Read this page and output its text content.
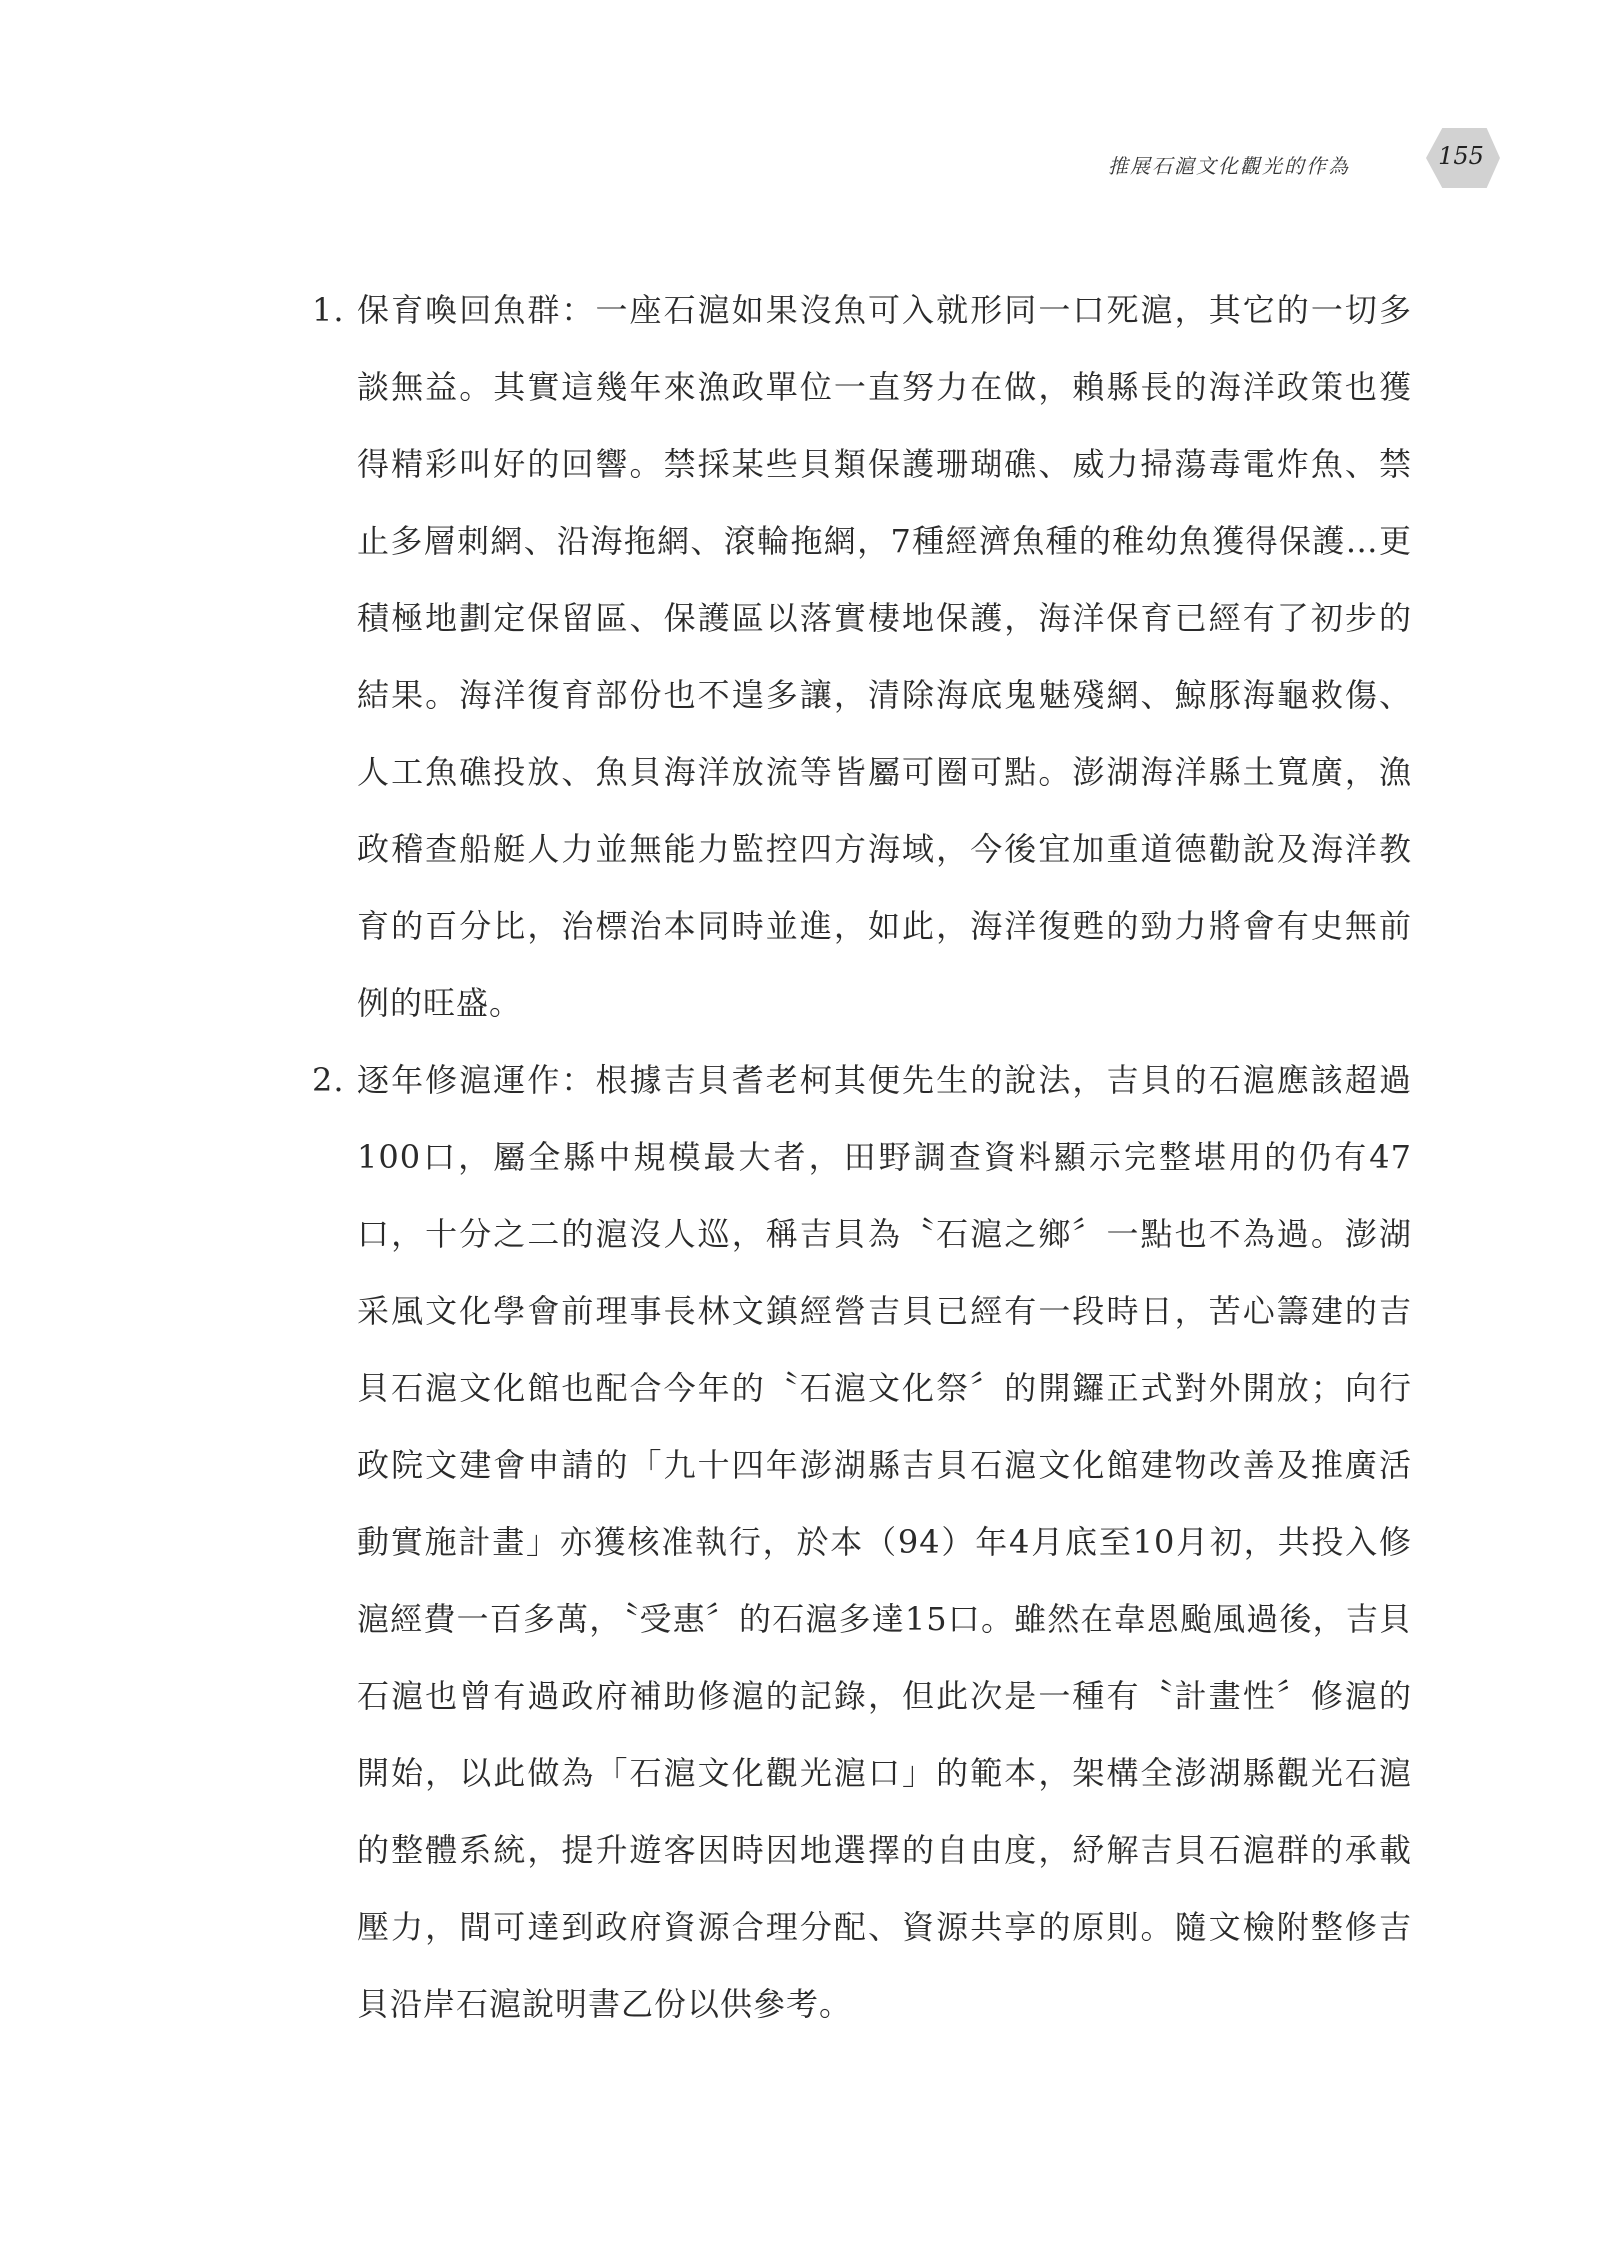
推展石滬文化觀光的作為	155
1. 保育喚回魚群：一座石滬如果沒魚可入就形同一口死滬，其它的一切多談無益。其實這幾年來漁政單位一直努力在做，賴縣長的海洋政策也獲得精彩叫好的回響。禁採某些貝類保護珊瑚礁、威力掃蕩毒電炸魚、禁止多層刺網、沿海拖網、滾輪拖網，7種經濟魚種的稚幼魚獲得保護…更積極地劃定保留區、保護區以落實棲地保護，海洋保育已經有了初步的結果。海洋復育部份也不遑多讓，清除海底鬼魅殘網、鯨豚海龜救傷、人工魚礁投放、魚貝海洋放流等皆屬可圈可點。澎湖海洋縣土寬廣，漁政稽查船艇人力並無能力監控四方海域，今後宜加重道德勸說及海洋教育的百分比，治標治本同時並進，如此，海洋復甦的勁力將會有史無前例的旺盛。
2. 逐年修滬運作：根據吉貝耆老柯其便先生的說法，吉貝的石滬應該超過100口，屬全縣中規模最大者，田野調查資料顯示完整堪用的仍有47口，十分之二的滬沒人巡，稱吉貝為〝石滬之鄉〞一點也不為過。澎湖采風文化學會前理事長林文鎮經營吉貝已經有一段時日，苦心籌建的吉貝石滬文化館也配合今年的〝石滬文化祭〞的開鑼正式對外開放；向行政院文建會申請的「九十四年澎湖縣吉貝石滬文化館建物改善及推廣活動實施計畫」亦獲核准執行，於本（94）年4月底至10月初，共投入修滬經費一百多萬，〝受惠〞的石滬多達15口。雖然在韋恩颱風過後，吉貝石滬也曾有過政府補助修滬的記錄，但此次是一種有〝計畫性〞修滬的開始，以此做為「石滬文化觀光滬口」的範本，架構全澎湖縣觀光石滬的整體系統，提升遊客因時因地選擇的自由度，紓解吉貝石滬群的承載壓力，間可達到政府資源合理分配、資源共享的原則。隨文檢附整修吉貝沿岸石滬說明書乙份以供參考。
